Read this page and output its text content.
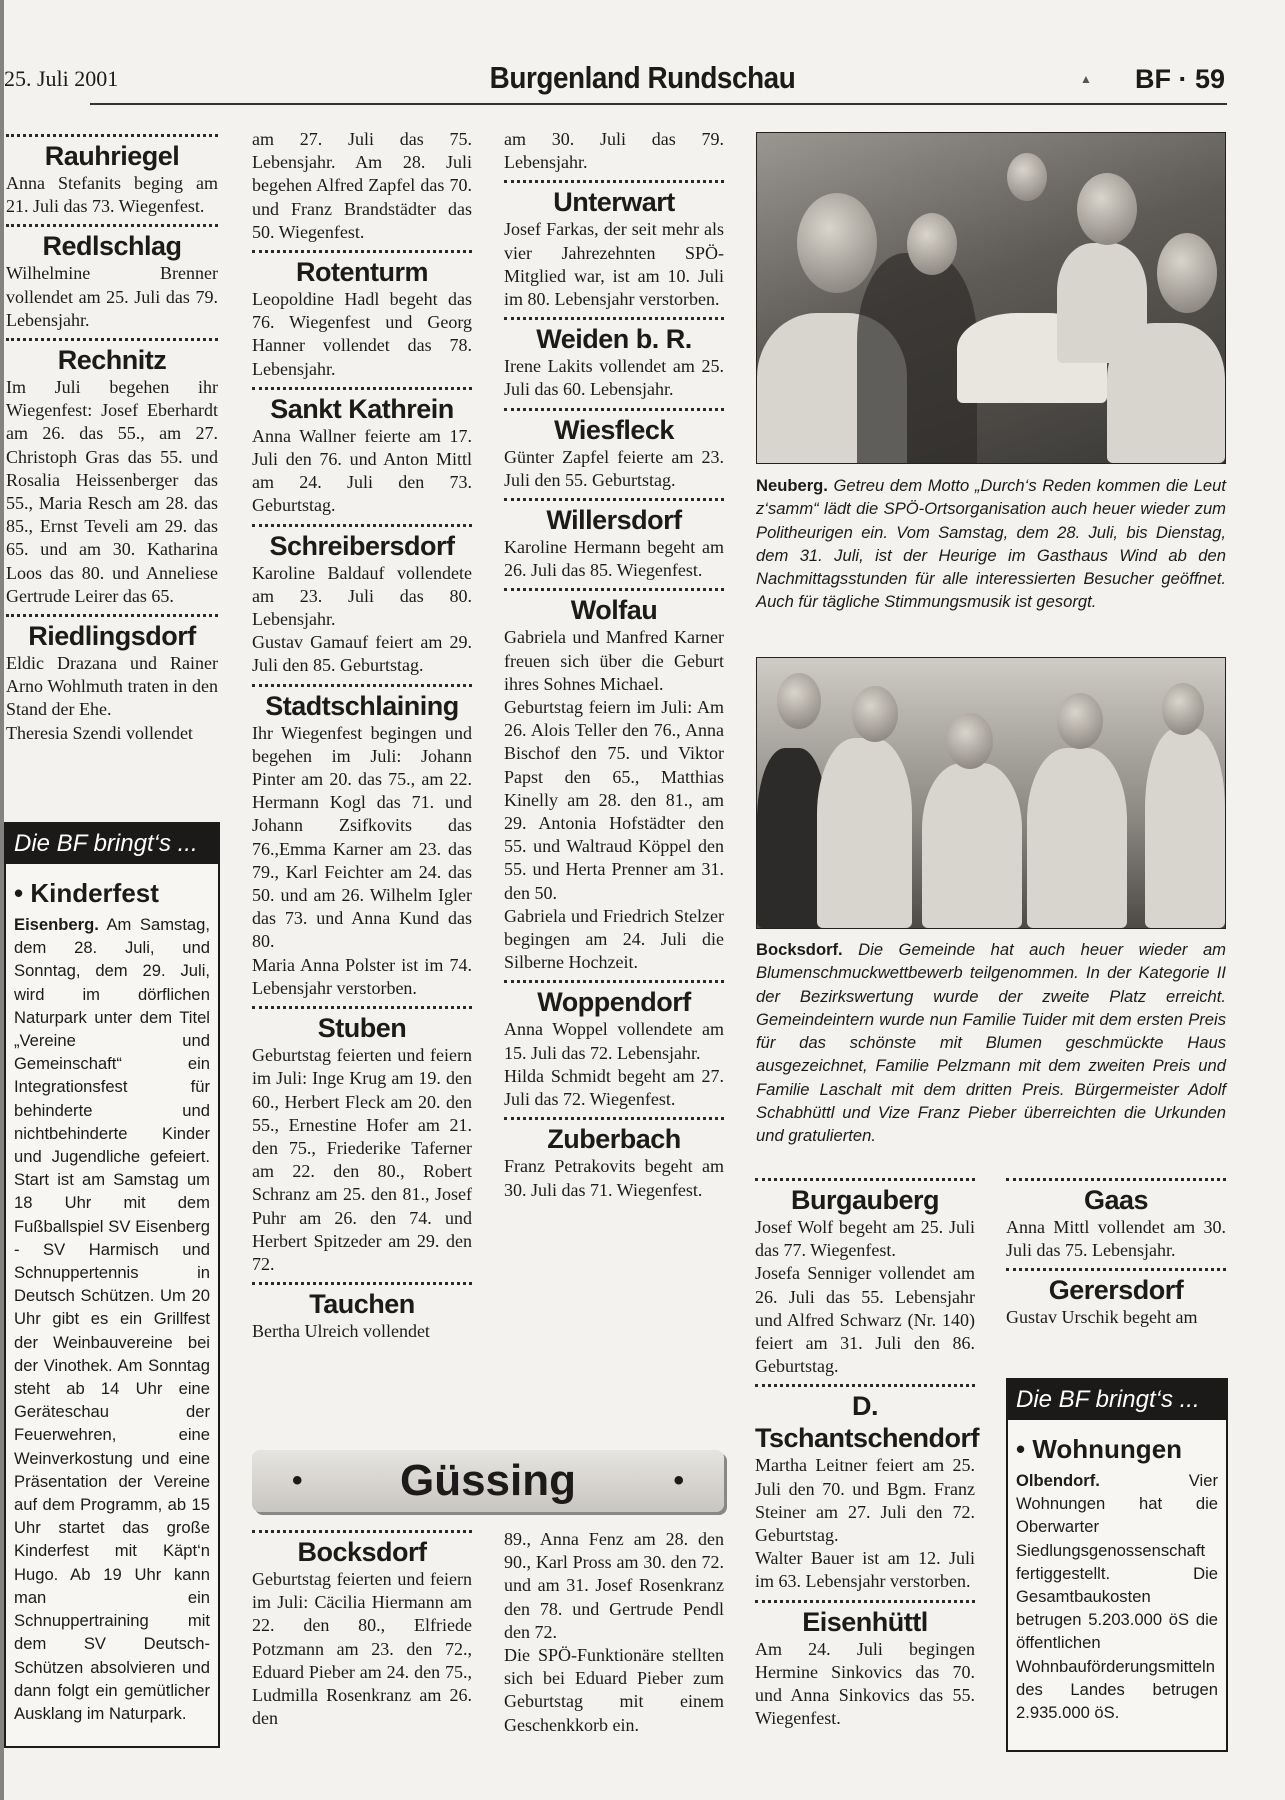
25. Juli 2001	Burgenland Rundschau	▲	BF · 59
Rauhriegel

Anna Stefanits beging am 21. Juli das 73. Wiegenfest.

Redlschlag

Wilhelmine Brenner vollendet am 25. Juli das 79. Lebensjahr.

Rechnitz

Im Juli begehen ihr Wiegenfest: Josef Eberhardt am 26. das 55., am 27. Christoph Gras das 55. und Rosalia Heissenberger das 55., Maria Resch am 28. das 85., Ernst Teveli am 29. das 65. und am 30. Katharina Loos das 80. und Anneliese Gertrude Leirer das 65.

Riedlingsdorf

Eldic Drazana und Rainer Arno Wohlmuth traten in den Stand der Ehe.

Theresia Szendi vollendet

am 27. Juli das 75. Lebensjahr. Am 28. Juli begehen Alfred Zapfel das 70. und Franz Brandstädter das 50. Wiegenfest.

Rotenturm

Leopoldine Hadl begeht das 76. Wiegenfest und Georg Hanner vollendet das 78. Lebensjahr.

Sankt Kathrein

Anna Wallner feierte am 17. Juli den 76. und Anton Mittl am 24. Juli den 73. Geburtstag.

Schreibersdorf

Karoline Baldauf vollendete am 23. Juli das 80. Lebensjahr.

Gustav Gamauf feiert am 29. Juli den 85. Geburtstag.

Stadtschlaining

Ihr Wiegenfest begingen und begehen im Juli: Johann Pinter am 20. das 75., am 22. Hermann Kogl das 71. und Johann Zsifkovits das 76.,Emma Karner am 23. das 79., Karl Feichter am 24. das 50. und am 26. Wilhelm Igler das 73. und Anna Kund das 80.

Maria Anna Polster ist im 74. Lebensjahr verstorben.

Stuben

Geburtstag feierten und feiern im Juli: Inge Krug am 19. den 60., Herbert Fleck am 20. den 55., Ernestine Hofer am 21. den 75., Friederike Taferner am 22. den 80., Robert Schranz am 25. den 81., Josef Puhr am 26. den 74. und Herbert Spitzeder am 29. den 72.

Tauchen

Bertha Ulreich vollendet

am 30. Juli das 79. Lebensjahr.

Unterwart

Josef Farkas, der seit mehr als vier Jahrezehnten SPÖ-Mitglied war, ist am 10. Juli im 80. Lebensjahr verstorben.

Weiden b. R.

Irene Lakits vollendet am 25. Juli das 60. Lebensjahr.

Wiesfleck

Günter Zapfel feierte am 23. Juli den 55. Geburtstag.

Willersdorf

Karoline Hermann begeht am 26. Juli das 85. Wiegenfest.

Wolfau

Gabriela und Manfred Karner freuen sich über die Geburt ihres Sohnes Michael.

Geburtstag feiern im Juli: Am 26. Alois Teller den 76., Anna Bischof den 75. und Viktor Papst den 65., Matthias Kinelly am 28. den 81., am 29. Antonia Hofstädter den 55. und Waltraud Köppel den 55. und Herta Prenner am 31. den 50.

Gabriela und Friedrich Stelzer begingen am 24. Juli die Silberne Hochzeit.

Woppendorf

Anna Woppel vollendete am 15. Juli das 72. Lebensjahr.

Hilda Schmidt begeht am 27. Juli das 72. Wiegenfest.

Zuberbach

Franz Petrakovits begeht am 30. Juli das 71. Wiegenfest.

Bocksdorf

Geburtstag feierten und feiern im Juli: Cäcilia Hiermann am 22. den 80., Elfriede Potzmann am 23. den 72., Eduard Pieber am 24. den 75., Ludmilla Rosenkranz am 26. den

89., Anna Fenz am 28. den 90., Karl Pross am 30. den 72. und am 31. Josef Rosenkranz den 78. und Gertrude Pendl den 72.

Die SPÖ-Funktionäre stellten sich bei Eduard Pieber zum Geburtstag mit einem Geschenkkorb ein.

Burgauberg

Josef Wolf begeht am 25. Juli das 77. Wiegenfest.

Josefa Senniger vollendet am 26. Juli das 55. Lebensjahr und Alfred Schwarz (Nr. 140) feiert am 31. Juli den 86. Geburtstag.

D. Tschantschendorf

Martha Leitner feiert am 25. Juli den 70. und Bgm. Franz Steiner am 27. Juli den 72. Geburtstag.

Walter Bauer ist am 12. Juli im 63. Lebensjahr verstorben.

Eisenhüttl

Am 24. Juli begingen Hermine Sinkovics das 70. und Anna Sinkovics das 55. Wiegenfest.

Gaas

Anna Mittl vollendet am 30. Juli das 75. Lebensjahr.

Gerersdorf

Gustav Urschik begeht am

• Güssing	•
Die BF bringt‘s ...
• Kinderfest
Eisenberg. Am Samstag, dem 28. Juli, und Sonntag, dem 29. Juli, wird im dörflichen Naturpark unter dem Titel „Vereine und Gemeinschaft“ ein Integrationsfest für behinderte und nichtbehinderte Kinder und Jugendliche gefeiert. Start ist am Samstag um 18 Uhr mit dem Fußballspiel SV Eisenberg - SV Harmisch und Schnuppertennis in Deutsch Schützen. Um 20 Uhr gibt es ein Grillfest der Weinbauvereine bei der Vinothek. Am Sonntag steht ab 14 Uhr eine Geräteschau der Feuerwehren, eine Weinverkostung und eine Präsentation der Vereine auf dem Programm, ab 15 Uhr startet das große Kinderfest mit Käpt‘n Hugo. Ab 19 Uhr kann man ein Schnuppertraining mit dem SV Deutsch-Schützen absolvieren und dann folgt ein gemütlicher Ausklang im Naturpark.
Die BF bringt‘s ...
• Wohnungen
Olbendorf. Vier Wohnungen hat die Oberwarter Siedlungsgenossenschaft fertiggestellt. Die Gesamtbaukosten betrugen 5.203.000 öS die öffentlichen Wohnbauförderungsmitteln des Landes betrugen 2.935.000 öS.
Neuberg. Getreu dem Motto „Durch‘s Reden kommen die Leut z‘samm“ lädt die SPÖ-Ortsorganisation auch heuer wieder zum Politheurigen ein. Vom Samstag, dem 28. Juli, bis Dienstag, dem 31. Juli, ist der Heurige im Gasthaus Wind ab den Nachmittagsstunden für alle interessierten Besucher geöffnet. Auch für tägliche Stimmungsmusik ist gesorgt.
Bocksdorf. Die Gemeinde hat auch heuer wieder am Blumenschmuckwettbewerb teilgenommen. In der Kategorie II der Bezirkswertung wurde der zweite Platz erreicht. Gemeindeintern wurde nun Familie Tuider mit dem ersten Preis für das schönste mit Blumen geschmückte Haus ausgezeichnet, Familie Pelzmann mit dem zweiten Preis und Familie Laschalt mit dem dritten Preis. Bürgermeister Adolf Schabhüttl und Vize Franz Pieber überreichten die Urkunden und gratulierten.
